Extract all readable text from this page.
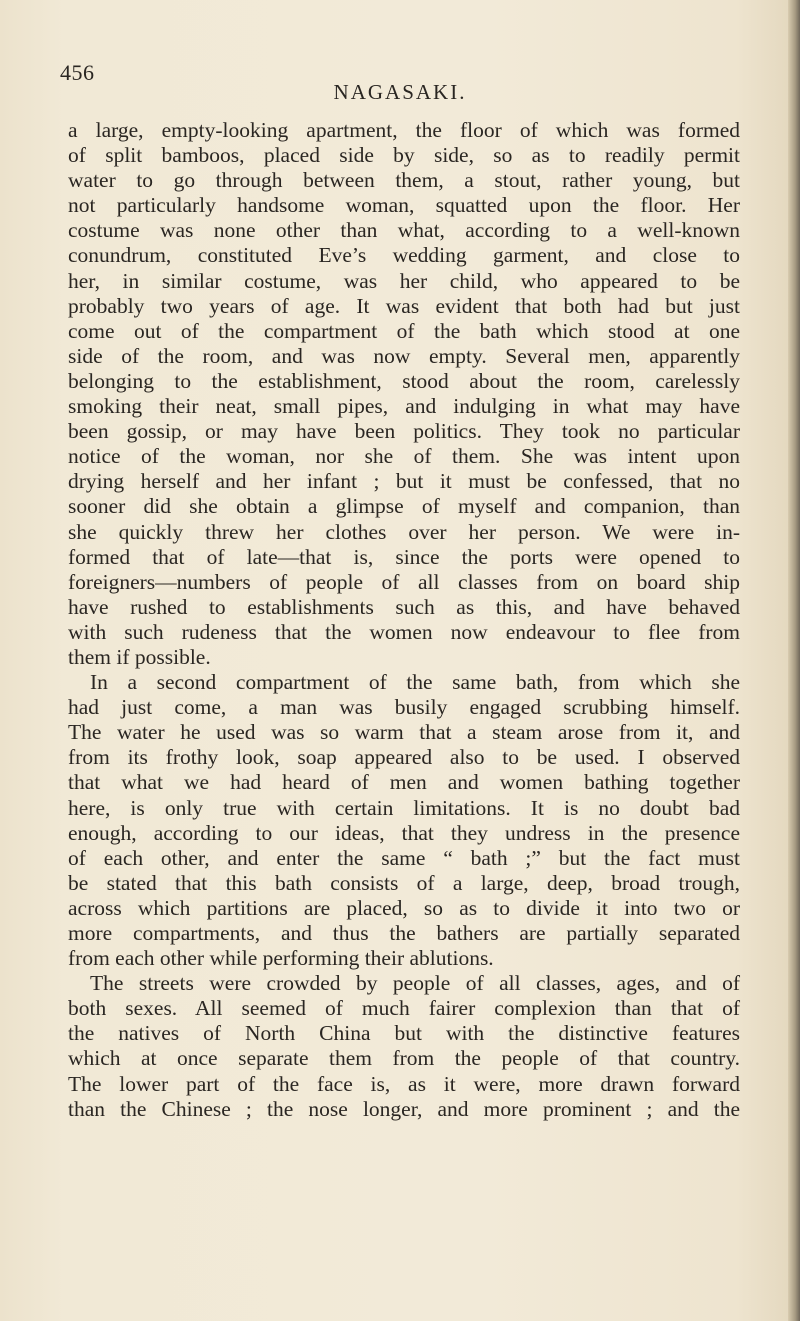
456
NAGASAKI.
a large, empty-looking apartment, the floor of which was formed
of split bamboos, placed side by side, so as to readily permit
water to go through between them, a stout, rather young, but
not particularly handsome woman, squatted upon the floor. Her
costume was none other than what, according to a well-known
conundrum, constituted Eve’s wedding garment, and close to
her, in similar costume, was her child, who appeared to be
probably two years of age. It was evident that both had but just
come out of the compartment of the bath which stood at one
side of the room, and was now empty. Several men, apparently
belonging to the establishment, stood about the room, carelessly
smoking their neat, small pipes, and indulging in what may have
been gossip, or may have been politics. They took no particular
notice of the woman, nor she of them. She was intent upon
drying herself and her infant ; but it must be confessed, that no
sooner did she obtain a glimpse of myself and companion, than
she quickly threw her clothes over her person. We were in-
formed that of late—that is, since the ports were opened to
foreigners—numbers of people of all classes from on board ship
have rushed to establishments such as this, and have behaved
with such rudeness that the women now endeavour to flee from
them if possible.
In a second compartment of the same bath, from which she
had just come, a man was busily engaged scrubbing himself.
The water he used was so warm that a steam arose from it, and
from its frothy look, soap appeared also to be used. I observed
that what we had heard of men and women bathing together
here, is only true with certain limitations. It is no doubt bad
enough, according to our ideas, that they undress in the presence
of each other, and enter the same “ bath ;” but the fact must
be stated that this bath consists of a large, deep, broad trough,
across which partitions are placed, so as to divide it into two or
more compartments, and thus the bathers are partially separated
from each other while performing their ablutions.
The streets were crowded by people of all classes, ages, and of
both sexes. All seemed of much fairer complexion than that of
the natives of North China but with the distinctive features
which at once separate them from the people of that country.
The lower part of the face is, as it were, more drawn forward
than the Chinese ; the nose longer, and more prominent ; and the
